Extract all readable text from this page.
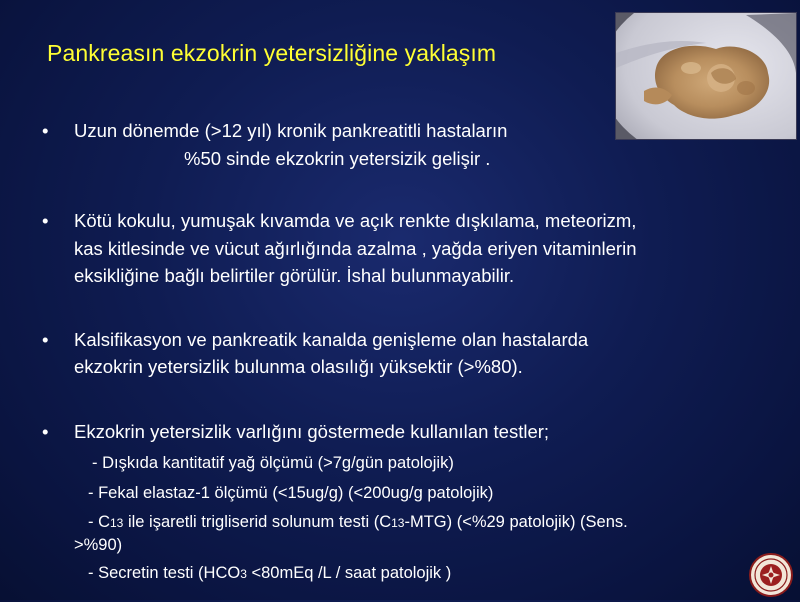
Pankreasın ekzokrin yetersizliğine yaklaşım
•	Uzun dönemde (>12 yıl) kronik pankreatitli hastaların
%50 sinde ekzokrin yetersizik gelişir .
•	Kötü kokulu, yumuşak kıvamda ve açık renkte dışkılama, meteorizm,
kas kitlesinde ve vücut ağırlığında azalma , yağda eriyen vitaminlerin
eksikliğine bağlı belirtiler görülür. İshal bulunmayabilir.
•	Kalsifikasyon ve pankreatik kanalda genişleme olan hastalarda
ekzokrin yetersizlik bulunma olasılığı yüksektir (>%80).
•	Ekzokrin yetersizlik varlığını göstermede kullanılan testler;
- Dışkıda kantitatif yağ ölçümü (>7g/gün patolojik)
- Fekal elastaz-1 ölçümü (<15ug/g) (<200ug/g patolojik)
- C13 ile işaretli trigliserid solunum testi (C13-MTG) (<%29 patolojik) (Sens.
>%90)
- Secretin testi (HCO3 <80mEq /L / saat patolojik )
